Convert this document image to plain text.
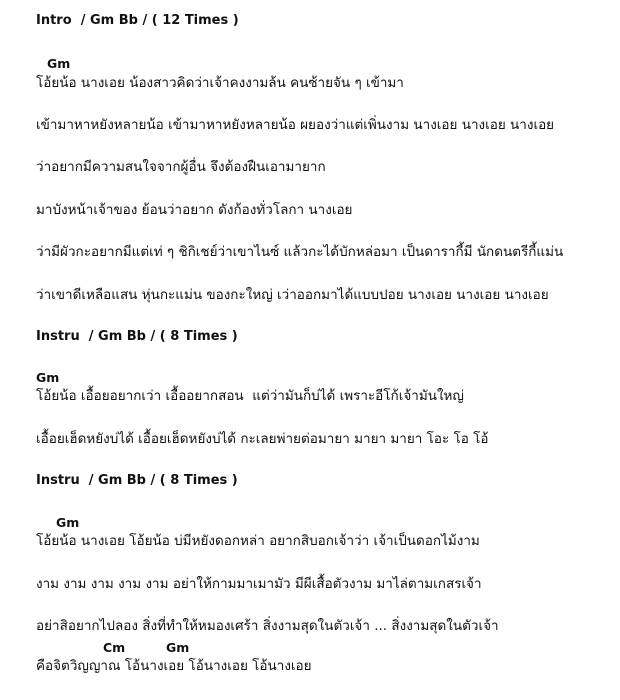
Intro  / Gm Bb / ( 12 Times )
Gm
โอ้ยน้อ นางเอย น้องสาวคิดว่าเจ้าคงงามล้น คนซ้ายจัน ๆ เข้ามา
เข้ามาหาหยังหลายน้อ เข้ามาหาหยังหลายน้อ ผยองว่าแต่เพิ่นงาม นางเอย นางเอย นางเอย
ว่าอยากมีความสนใจจากผู้อื่น จึงต้องฝืนเอามายาก
มาบังหน้าเจ้าของ ย้อนว่าอยาก ดังก้องทั่วโลกา นางเอย
ว่ามีผัวกะอยากมีแต่เท่ ๆ ชิกิเชย์ว่าเขาไนซ์ แล้วกะได้บักหล่อมา เป็นดารากี้มี นักดนตรีกี้แม่น
ว่าเขาดีเหลือแสน หุ่นกะแม่น ของกะใหญ่ เว่าออกมาได้แบบปอย นางเอย นางเอย นางเอย
Instru  / Gm Bb / ( 8 Times )
Gm
โอ้ยน้อ เอื้อยอยากเว่า เอื้ออยากสอน  แต่ว่ามันก็บ่ได้ เพราะอีโก้เจ้ามันใหญ่
เอื้อยเฮ็ดหยังบ่ได้ เอื้อยเฮ็ดหยังบ่ได้ กะเลยพ่ายต่อมายา มายา มายา โอะ โอ โอ้
Instru  / Gm Bb / ( 8 Times )
Gm
โอ้ยน้อ นางเอย โอ้ยน้อ บ่มีหยังดอกหล่า อยากสิบอกเจ้าว่า เจ้าเป็นดอกไม้งาม
งาม งาม งาม งาม งาม อย่าให้กามมาเมามัว มีผีเสื้อตัวงาม มาไล่ตามเกสรเจ้า
อย่าสิอยากไปลอง สิ่งที่ทำให้หมองเศร้า สิ่งงามสุดในตัวเจ้า ... สิ่งงามสุดในตัวเจ้า
Cm	Gm
คือจิตวิญญาณ โอ้นางเอย โอ้นางเอย โอ้นางเอย
